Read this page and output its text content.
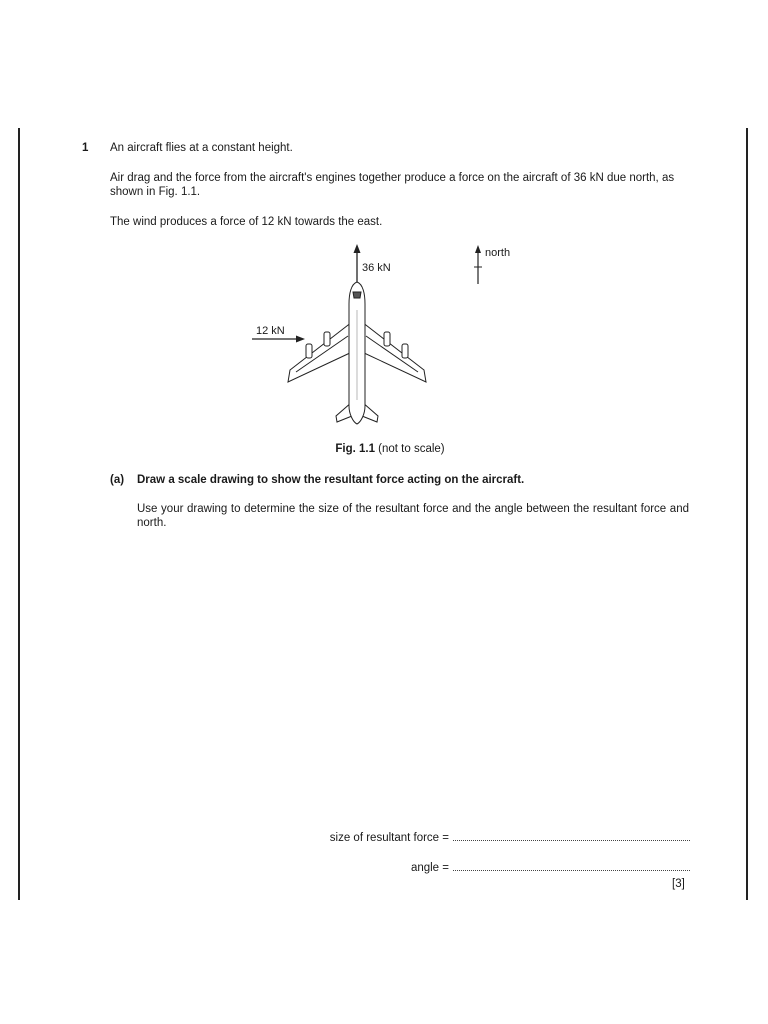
1 An aircraft flies at a constant height.
Air drag and the force from the aircraft's engines together produce a force on the aircraft of 36 kN due north, as shown in Fig. 1.1.
The wind produces a force of 12 kN towards the east.
36 kN
12 kN
north
Fig. 1.1 (not to scale)
(a) Draw a scale drawing to show the resultant force acting on the aircraft.
Use your drawing to determine the size of the resultant force and the angle between the resultant force and north.
size of resultant force =
angle =
[3]
